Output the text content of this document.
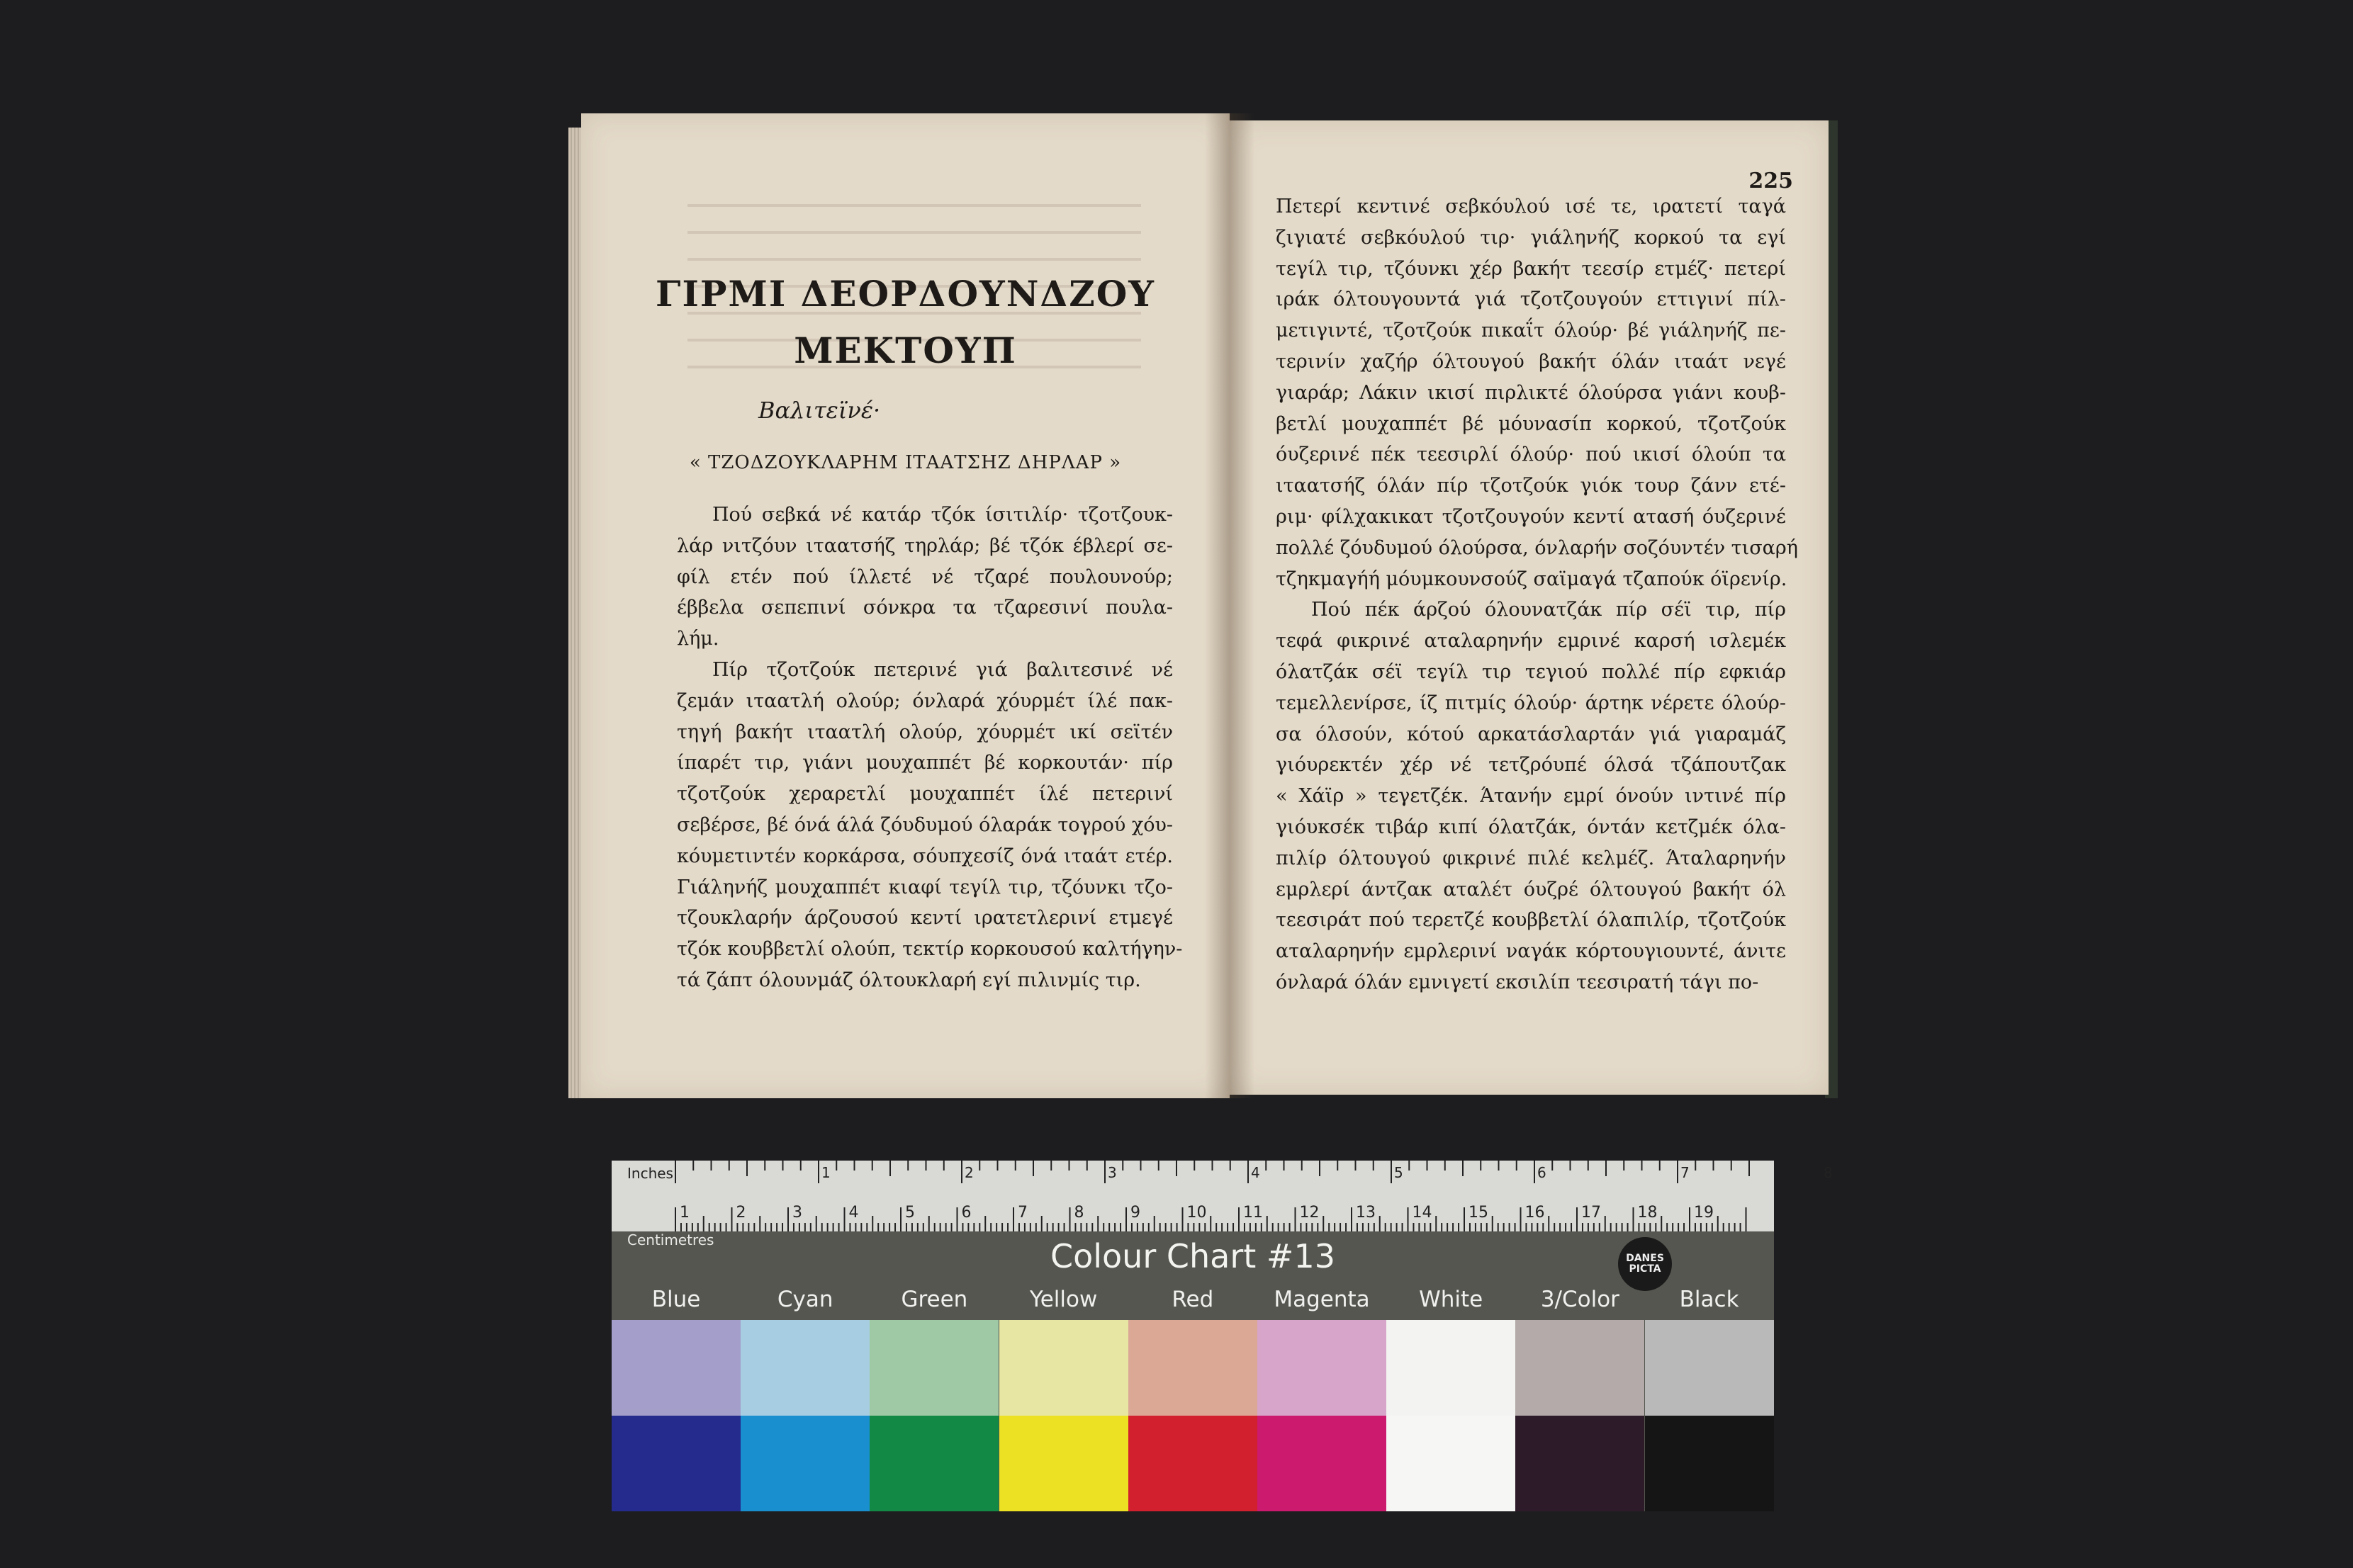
ΓΙΡΜΙ ΔΕΟΡΔΟΥΝΔΖΟΥ
ΜΕΚΤΟΥΠ
Βαλιτεϊνέ·
« ΤΖΟΔΖΟΥΚΛΑΡΗΜ ΙΤΑΑΤΣΗΖ ΔΗΡΛΑΡ »
Πού σεβκά νέ κατάρ τζόκ ίσιτιλίρ· τζοτζουκ-
λάρ νιτζόυν ιταατσήζ τηρλάρ; βέ τζόκ έβλερί σε-
φίλ ετέν πού ίλλετέ νέ τζαρέ πουλουνούρ;
έββελα σεπεπινί σόνκρα τα τζαρεσινί πουλα-
λήμ.
Πίρ τζοτζούκ πετερινέ γιά βαλιτεσινέ νέ
ζεμάν ιταατλή ολούρ; όνλαρά χόυρμέτ ίλέ πακ-
τηγή βακήτ ιταατλή ολούρ, χόυρμέτ ικί σεϊτέν
ίπαρέτ τιρ, γιάνι μουχαππέτ βέ κορκουτάν· πίρ
τζοτζούκ χεραρετλί μουχαππέτ ίλέ πετερινί
σεβέρσε, βέ όνά άλά ζόυδυμού όλαράκ τογρού χόυ-
κόυμετιντέν κορκάρσα, σόυπχεσίζ όνά ιταάτ ετέρ.
Γιάληνήζ μουχαππέτ κιαφί τεγίλ τιρ, τζόυνκι τζο-
τζουκλαρήν άρζουσού κεντί ιρατετλερινί ετμεγέ
τζόκ κουββετλί ολούπ, τεκτίρ κορκουσού καλτήγην-
τά ζάπτ όλουνμάζ όλτουκλαρή εγί πιλινμίς τιρ.
225
Πετερί κεντινέ σεβκόυλού ισέ τε, ιρατετί ταγά
ζιγιατέ σεβκόυλού τιρ· γιάληνήζ κορκού τα εγί
τεγίλ τιρ, τζόυνκι χέρ βακήτ τεεσίρ ετμέζ· πετερί
ιράκ όλτουγουντά γιά τζοτζουγούν εττιγινί πίλ-
μετιγιντέ, τζοτζούκ πικαΐτ όλούρ· βέ γιάληνήζ πε-
τερινίν χαζήρ όλτουγού βακήτ όλάν ιταάτ νεγέ
γιαράρ; Λάκιν ικισί πιρλικτέ όλούρσα γιάνι κουβ-
βετλί μουχαππέτ βέ μόυνασίπ κορκού, τζοτζούκ
όυζερινέ πέκ τεεσιρλί όλούρ· πού ικισί όλούπ τα
ιταατσήζ όλάν πίρ τζοτζούκ γιόκ τουρ ζάνν ετέ-
ριμ· φίλχακικατ τζοτζουγούν κεντί ατασή όυζερινέ
πολλέ ζόυδυμού όλούρσα, όνλαρήν σοζόυντέν τισαρή
τζηκμαγήή μόυμκουνσούζ σαϊμαγά τζαπούκ όϊρενίρ.
Πού πέκ άρζού όλουνατζάκ πίρ σέϊ τιρ, πίρ
τεφά φικρινέ αταλαρηνήν εμρινέ καρσή ισλεμέκ
όλατζάκ σέϊ τεγίλ τιρ τεγιού πολλέ πίρ εφκιάρ
τεμελλενίρσε, ίζ πιτμίς όλούρ· άρτηκ νέρετε όλούρ-
σα όλσούν, κότού αρκατάσλαρτάν γιά γιαραμάζ
γιόυρεκτέν χέρ νέ τετζρόυπέ όλσά τζάπουτζακ
« Χάϊρ » τεγετζέκ. Άτανήν εμρί όνούν ιντινέ πίρ
γιόυκσέκ τιβάρ κιπί όλατζάκ, όντάν κετζμέκ όλα-
πιλίρ όλτουγού φικρινέ πιλέ κελμέζ. Άταλαρηνήν
εμρλερί άντζακ αταλέτ όυζρέ όλτουγού βακήτ όλ
τεεσιράτ πού τερετζέ κουββετλί όλαπιλίρ, τζοτζούκ
αταλαρηνήν εμρλερινί ναγάκ κόρτουγιουντέ, άνιτε
όνλαρά όλάν εμνιγετί εκσιλίπ τεεσιρατή τάγι πο-
1	2	3	4	5	6	7	8
1	2	3	4	5	6	7	8	9	10 11 12 13 14 15 16 17 18 19
Inches
Centimetres	Colour Chart #13	DANES
PICTA
Blue	Cyan	Green	Yellow	Red	Magenta	White	3/Color	Black
